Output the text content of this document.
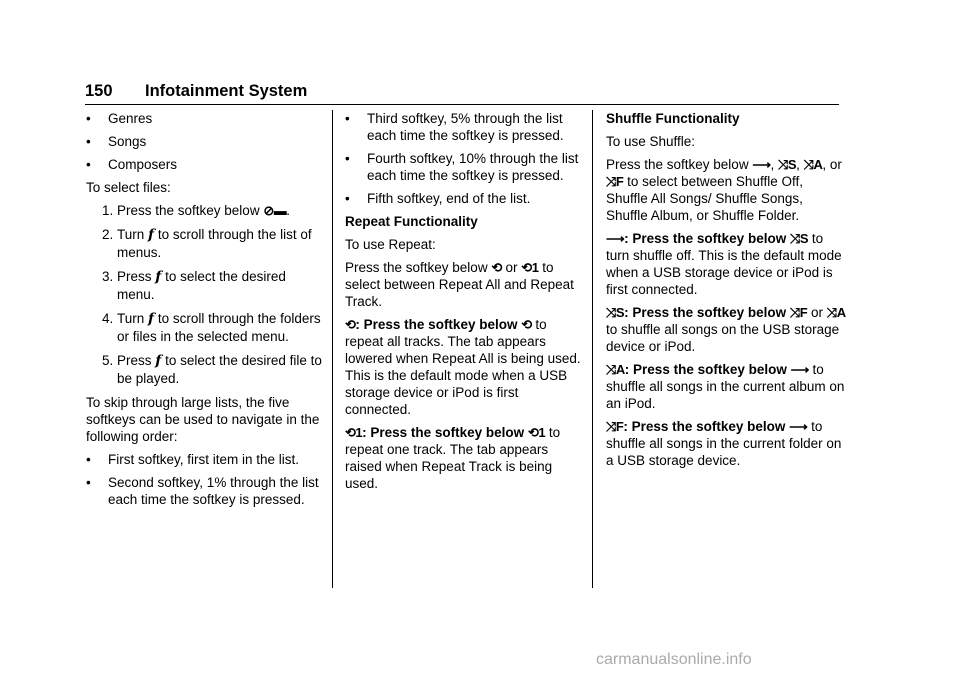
150 Infotainment System
• Genres
• Songs
• Composers

To select files:

1. Press the softkey below ⊘▬.
2. Turn f to scroll through the list of menus.
3. Press f to select the desired menu.
4. Turn f to scroll through the folders or files in the selected menu.
5. Press f to select the desired file to be played.

To skip through large lists, the five softkeys can be used to navigate in the following order:

• First softkey, first item in the list.
• Second softkey, 1% through the list each time the softkey is pressed.
• Third softkey, 5% through the list each time the softkey is pressed.
• Fourth softkey, 10% through the list each time the softkey is pressed.
• Fifth softkey, end of the list.

Repeat Functionality

To use Repeat:

Press the softkey below ⟲ or ⟲1 to select between Repeat All and Repeat Track.

⟲: Press the softkey below ⟲ to repeat all tracks. The tab appears lowered when Repeat All is being used. This is the default mode when a USB storage device or iPod is first connected.

⟲1: Press the softkey below ⟲1 to repeat one track. The tab appears raised when Repeat Track is being used.

Shuffle Functionality

To use Shuffle:

Press the softkey below ⟶, ⤨S, ⤨A, or ⤨F to select between Shuffle Off, Shuffle All Songs/ Shuffle Songs, Shuffle Album, or Shuffle Folder.

⟶: Press the softkey below ⤨S to turn shuffle off. This is the default mode when a USB storage device or iPod is first connected.

⤨S: Press the softkey below ⤨F or ⤨A to shuffle all songs on the USB storage device or iPod.

⤨A: Press the softkey below ⟶ to shuffle all songs in the current album on an iPod.

⤨F: Press the softkey below ⟶ to shuffle all songs in the current folder on a USB storage device.

carmanualsonline.info
